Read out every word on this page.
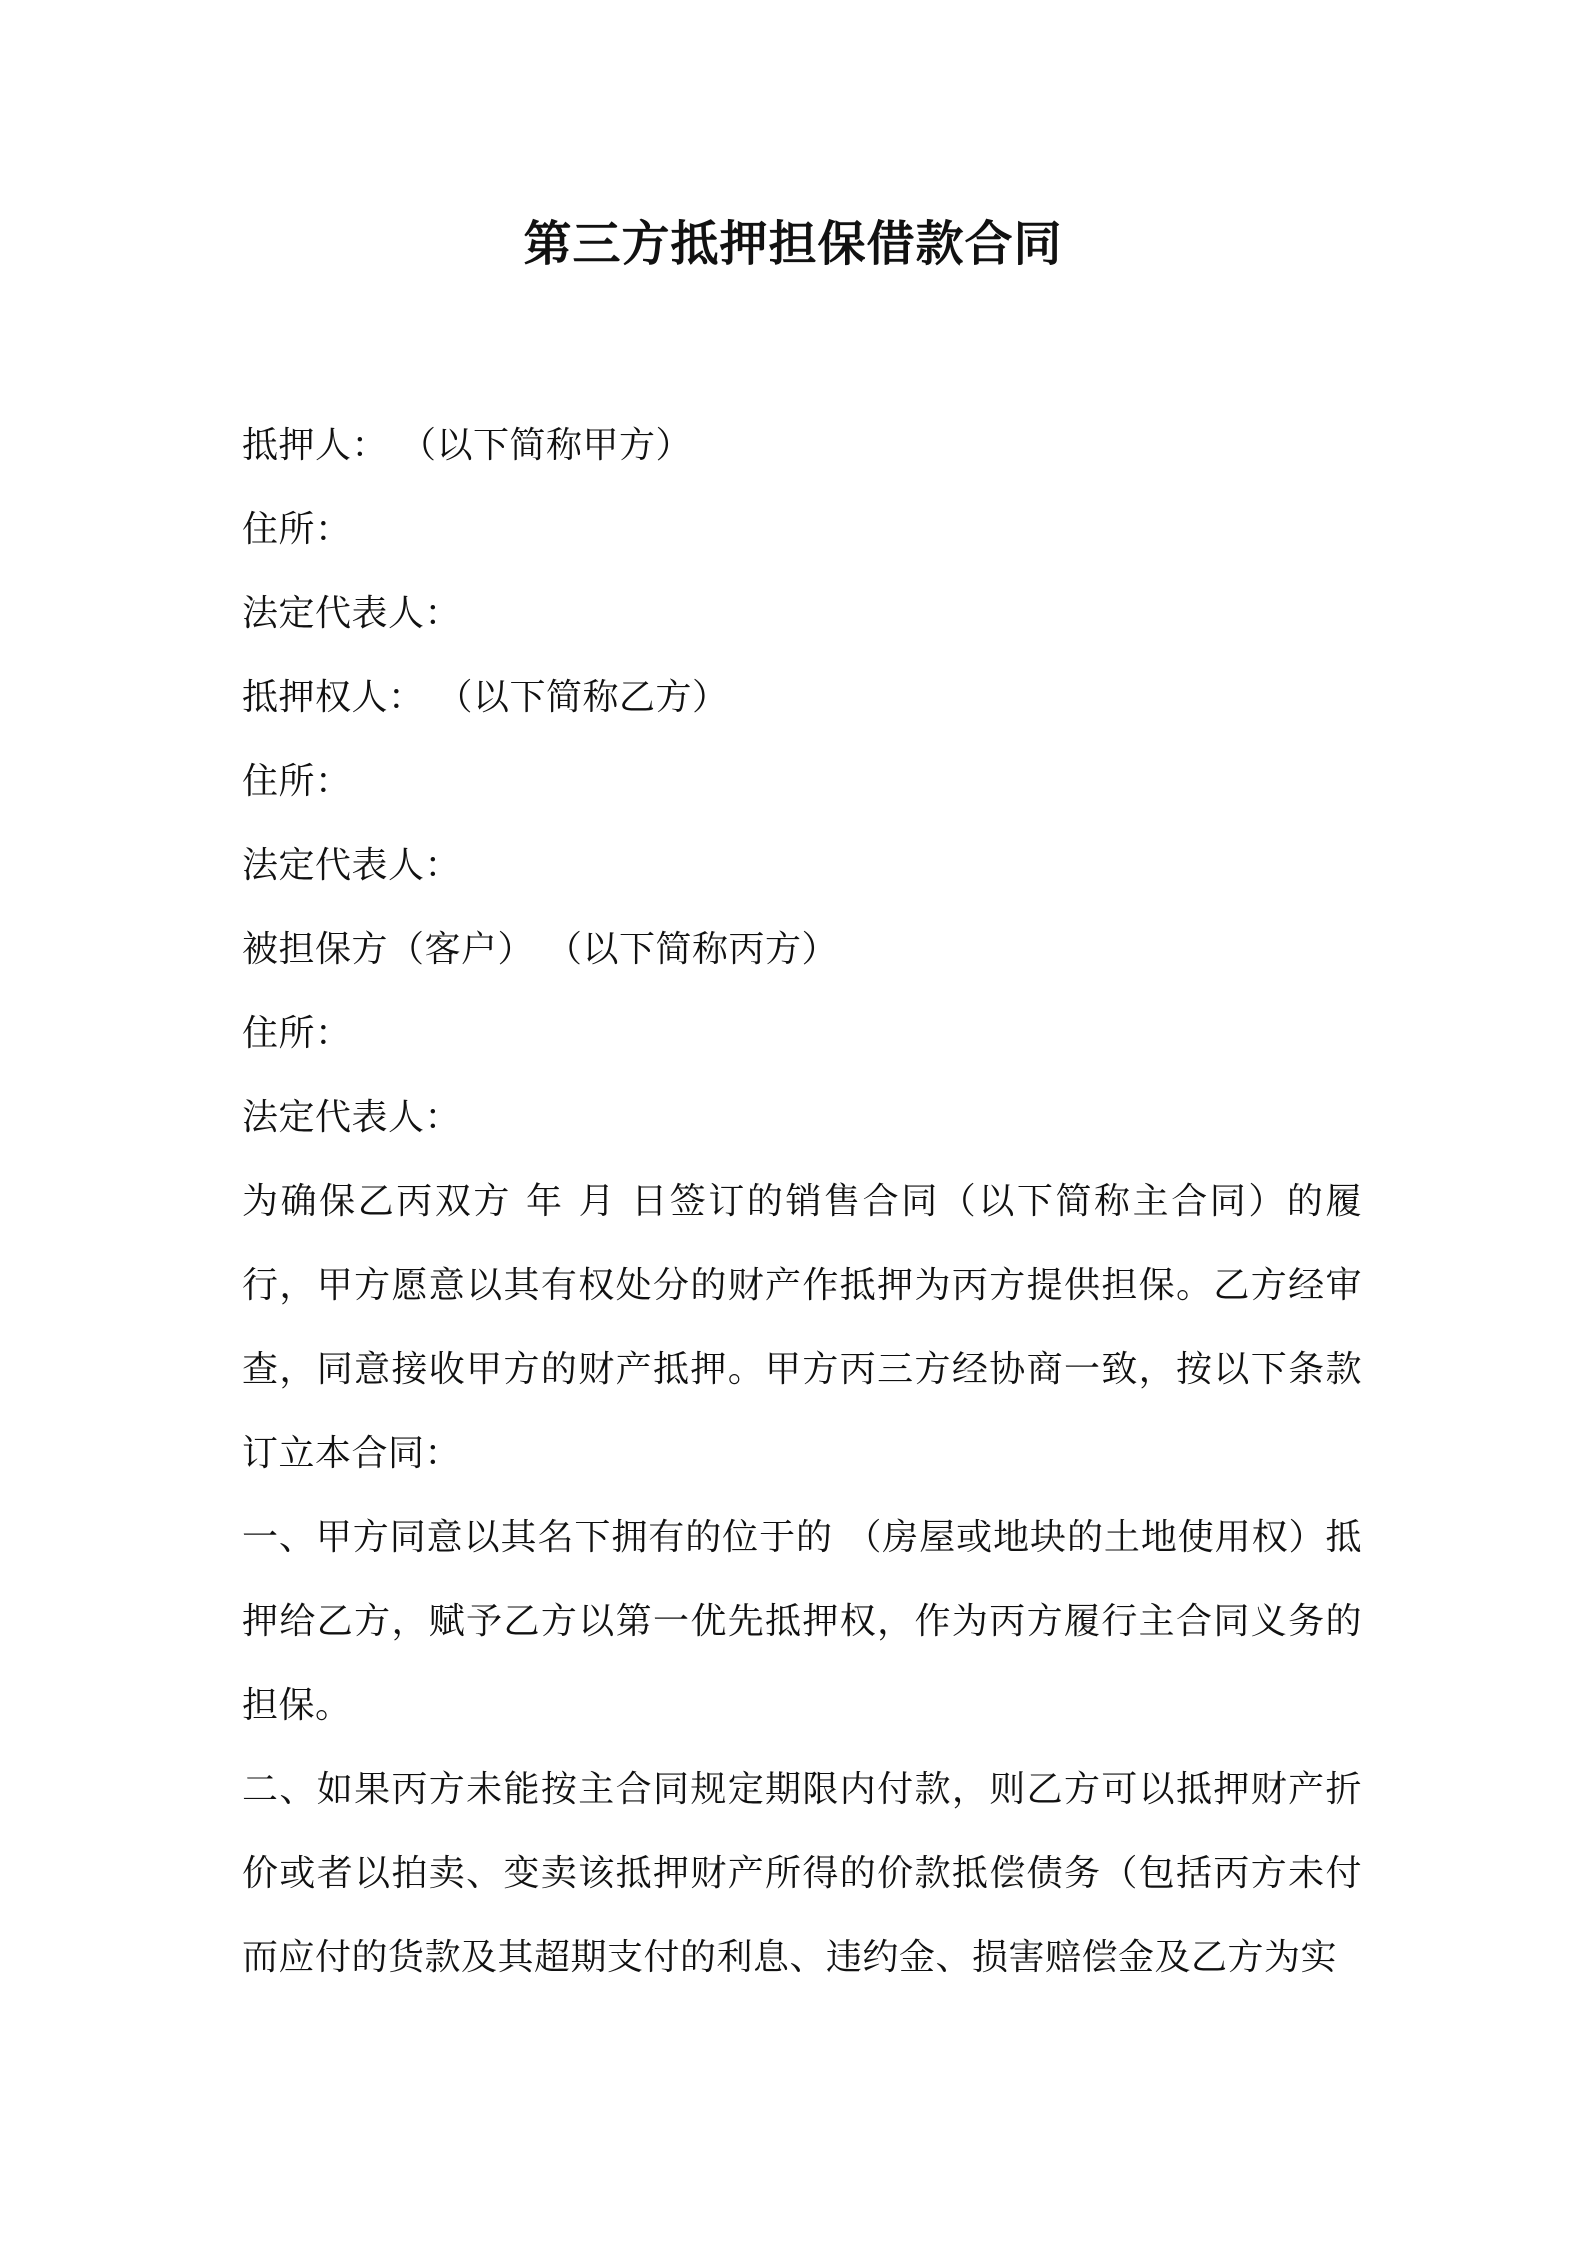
第三方抵押担保借款合同
抵押人： （以下简称甲方）
住所：
法定代表人：
抵押权人： （以下简称乙方）
住所：
法定代表人：
被担保方（客户） （以下简称丙方）
住所：
法定代表人：

为确保乙丙双方 年 月 日签订的销售合同（以下简称主合同）的履行，甲方愿意以其有权处分的财产作抵押为丙方提供担保。乙方经审查，同意接收甲方的财产抵押。甲方丙三方经协商一致，按以下条款订立本合同：

一、甲方同意以其名下拥有的位于的 （房屋或地块的土地使用权）抵押给乙方，赋予乙方以第一优先抵押权，作为丙方履行主合同义务的担保。

二、如果丙方未能按主合同规定期限内付款，则乙方可以抵押财产折价或者以拍卖、变卖该抵押财产所得的价款抵偿债务（包括丙方未付而应付的货款及其超期支付的利息、违约金、损害赔偿金及乙方为实
